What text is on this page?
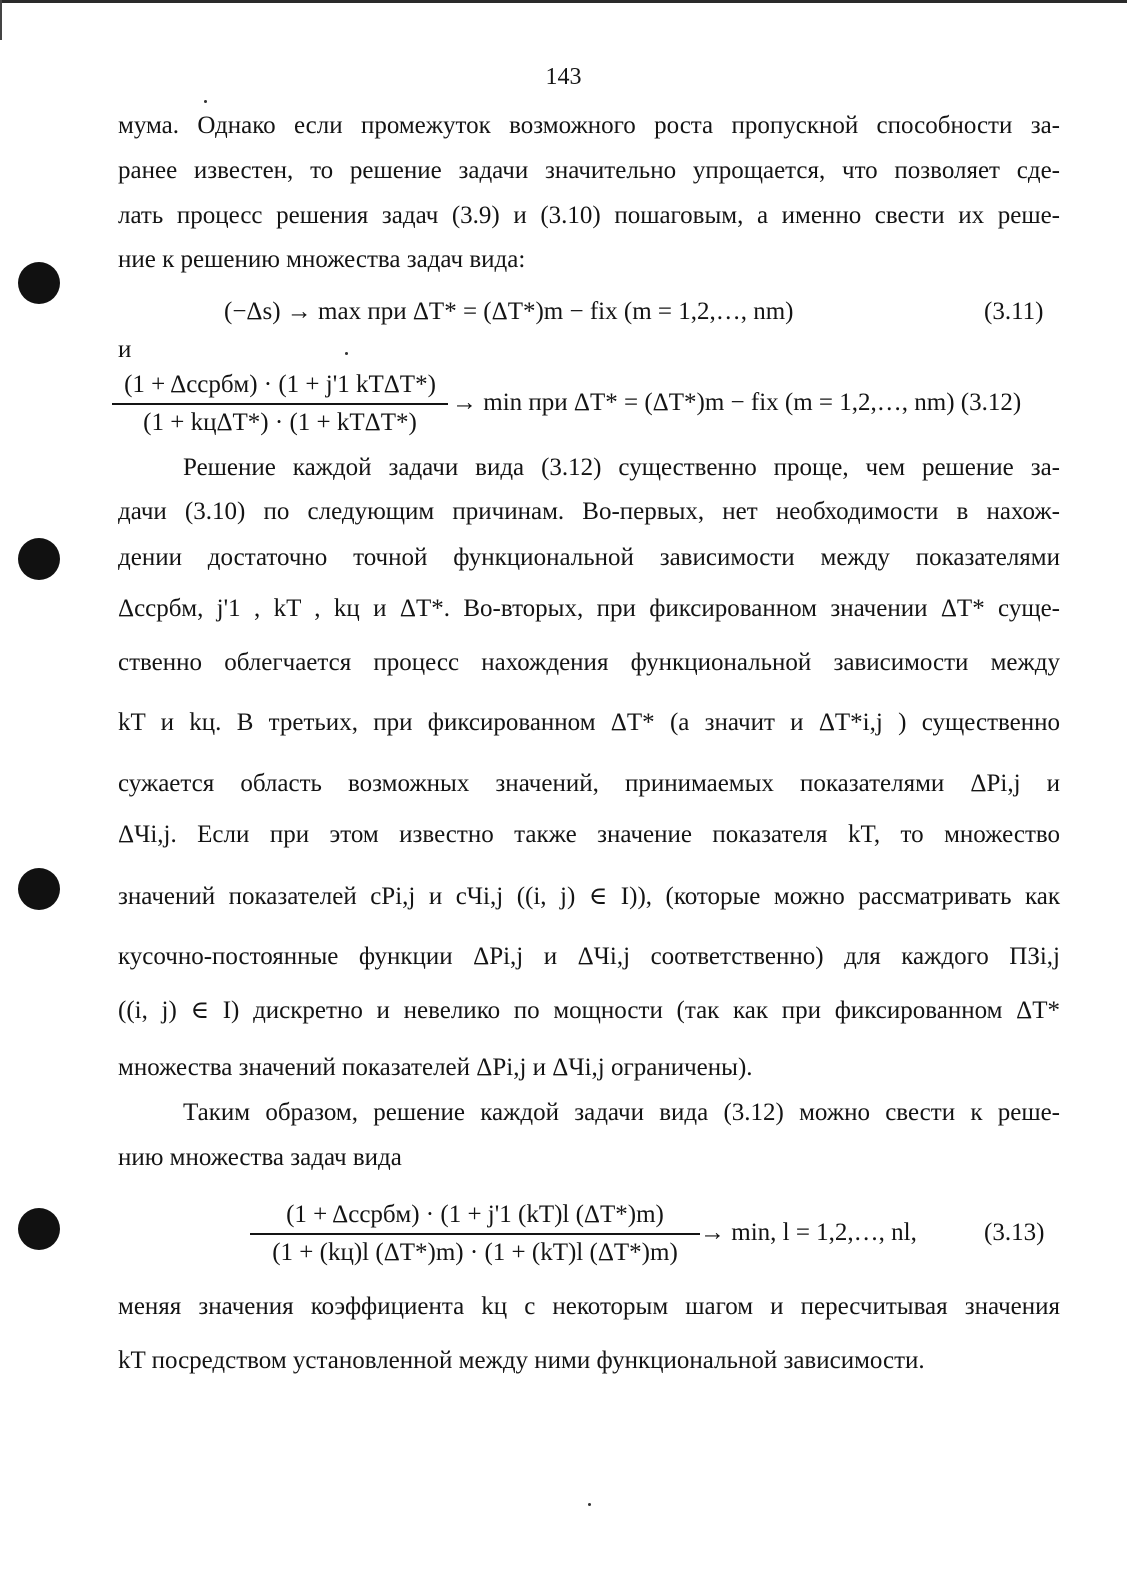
143
мума. Однако если промежуток возможного роста пропускной способности за-
ранее известен, то решение задачи значительно упрощается, что позволяет сде-
лать процесс решения задач (3.9) и (3.10) пошаговым, а именно свести их реше-
ние к решению множества задач вида:
(−Δs) → max при ΔT* = (ΔT*)m − fix (m = 1,2,…, nm)	(3.11)
и
(1 + Δссрбм) · (1 + j'1 kTΔT*)
(1 + kцΔT*) · (1 + kTΔT*)
→ min при ΔT* = (ΔT*)m − fix (m = 1,2,…, nm) (3.12)
Решение каждой задачи вида (3.12) существенно проще, чем решение за-
дачи (3.10) по следующим причинам. Во-первых, нет необходимости в нахож-
дении достаточно точной функциональной зависимости между показателями
Δссрбм, j'1 , kT , kц и ΔT*. Во-вторых, при фиксированном значении ΔT* суще-
ственно облегчается процесс нахождения функциональной зависимости между
kT и kц. В третьих, при фиксированном ΔT* (а значит и ΔT*i,j ) существенно
сужается область возможных значений, принимаемых показателями ΔPi,j и
ΔЧi,j. Если при этом известно также значение показателя kT, то множество
значений показателей cPi,j и cЧi,j ((i, j) ∈ I)), (которые можно рассматривать как
кусочно-постоянные функции ΔPi,j и ΔЧi,j соответственно) для каждого ПЗi,j
((i, j) ∈ I) дискретно и невелико по мощности (так как при фиксированном ΔT*
множества значений показателей ΔPi,j и ΔЧi,j ограничены).
Таким образом, решение каждой задачи вида (3.12) можно свести к реше-
нию множества задач вида
(1 + Δссрбм) · (1 + j'1 (kT)l (ΔT*)m)
(1 + (kц)l (ΔT*)m) · (1 + (kT)l (ΔT*)m)
→ min, l = 1,2,…, nl,	(3.13)
меняя значения коэффициента kц с некоторым шагом и пересчитывая значения
kT посредством установленной между ними функциональной зависимости.
